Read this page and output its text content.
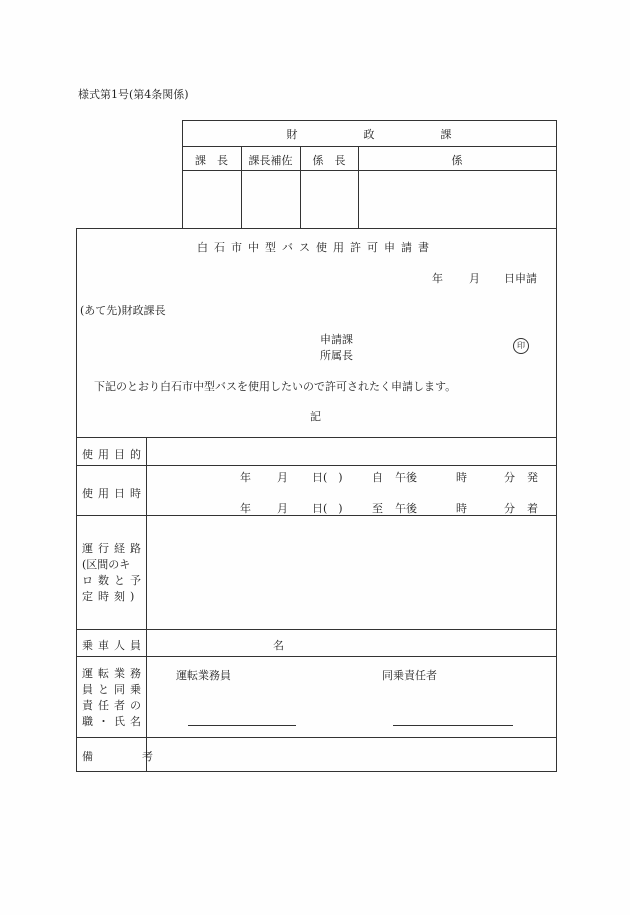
様式第1号(第4条関係)
財　　　　　　政　　　　　　課
課　長	課長補佐	係　長	係
白石市中型バス使用許可申請書
年 月 日申請
(あて先)財政課長
申請課
所属長
印
下記のとおり白石市中型バスを使用したいので許可されたく申請します。
記
使用目的
使用日時
年 月 日(　)	自 午後	時	分 発
年 月 日(　)	至 午後	時	分 着
運行経路
(区間のキ
ロ数と予
定時刻)
乗車人員	名
運転業務
員と同乗
責任者の
職・氏名
運転業務員	同乗責任者
備　　　考
